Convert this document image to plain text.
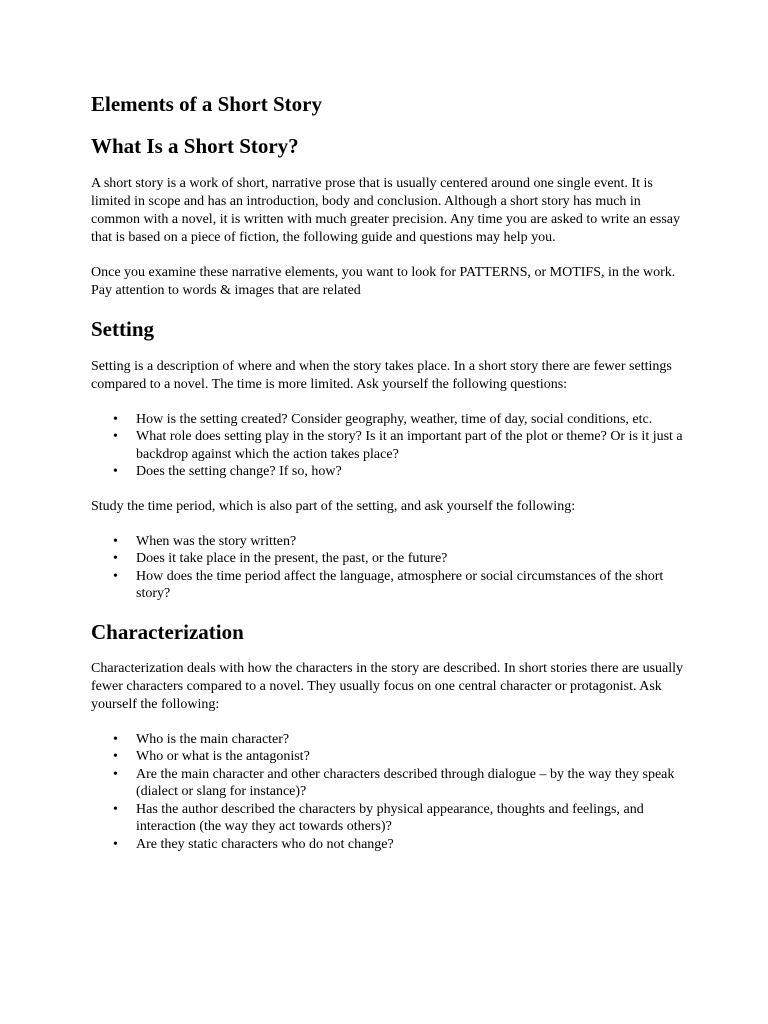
Elements of a Short Story
What Is a Short Story?

A short story is a work of short, narrative prose that is usually centered around one single event. It is limited in scope and has an introduction, body and conclusion. Although a short story has much in common with a novel, it is written with much greater precision. Any time you are asked to write an essay that is based on a piece of fiction, the following guide and questions may help you.

Once you examine these narrative elements, you want to look for PATTERNS, or MOTIFS, in the work. Pay attention to words & images that are related

Setting

Setting is a description of where and when the story takes place. In a short story there are fewer settings compared to a novel. The time is more limited. Ask yourself the following questions:

• How is the setting created? Consider geography, weather, time of day, social conditions, etc.
• What role does setting play in the story? Is it an important part of the plot or theme? Or is it just a backdrop against which the action takes place?
• Does the setting change? If so, how?

Study the time period, which is also part of the setting, and ask yourself the following:

• When was the story written?
• Does it take place in the present, the past, or the future?
• How does the time period affect the language, atmosphere or social circumstances of the short story?
Characterization

Characterization deals with how the characters in the story are described. In short stories there are usually fewer characters compared to a novel. They usually focus on one central character or protagonist. Ask yourself the following:

• Who is the main character?
• Who or what is the antagonist?
• Are the main character and other characters described through dialogue – by the way they speak (dialect or slang for instance)?
• Has the author described the characters by physical appearance, thoughts and feelings, and interaction (the way they act towards others)?
• Are they static characters who do not change?
